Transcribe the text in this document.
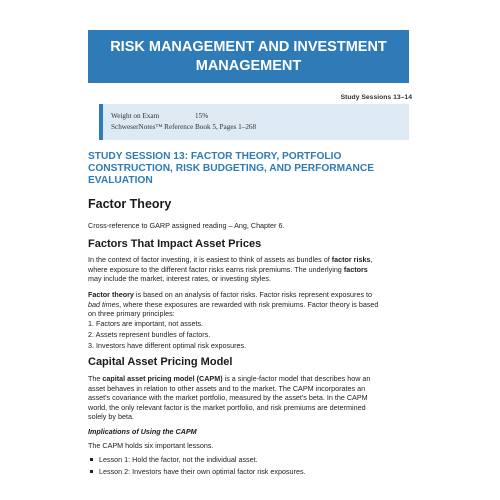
RISK MANAGEMENT AND INVESTMENT
MANAGEMENT
Study Sessions 13–14
Weight on Exam	15%
SchweserNotes™ Reference Book 5, Pages 1–268
STUDY SESSION 13: FACTOR THEORY, PORTFOLIO
CONSTRUCTION, RISK BUDGETING, AND PERFORMANCE
EVALUATION
Factor Theory
Cross-reference to GARP assigned reading – Ang, Chapter 6.
Factors That Impact Asset Prices
In the context of factor investing, it is easiest to think of assets as bundles of factor risks,
where exposure to the different factor risks earns risk premiums. The underlying factors
may include the market, interest rates, or investing styles.
Factor theory is based on an analysis of factor risks. Factor risks represent exposures to
bad times, where these exposures are rewarded with risk premiums. Factor theory is based
on three primary principles:
1. Factors are important, not assets.
2. Assets represent bundles of factors.
3. Investors have different optimal risk exposures.
Capital Asset Pricing Model
The capital asset pricing model (CAPM) is a single-factor model that describes how an
asset behaves in relation to other assets and to the market. The CAPM incorporates an
asset's covariance with the market portfolio, measured by the asset's beta. In the CAPM
world, the only relevant factor is the market portfolio, and risk premiums are determined
solely by beta.
Implications of Using the CAPM
The CAPM holds six important lessons.
Lesson 1: Hold the factor, not the individual asset.
Lesson 2: Investors have their own optimal factor risk exposures.
